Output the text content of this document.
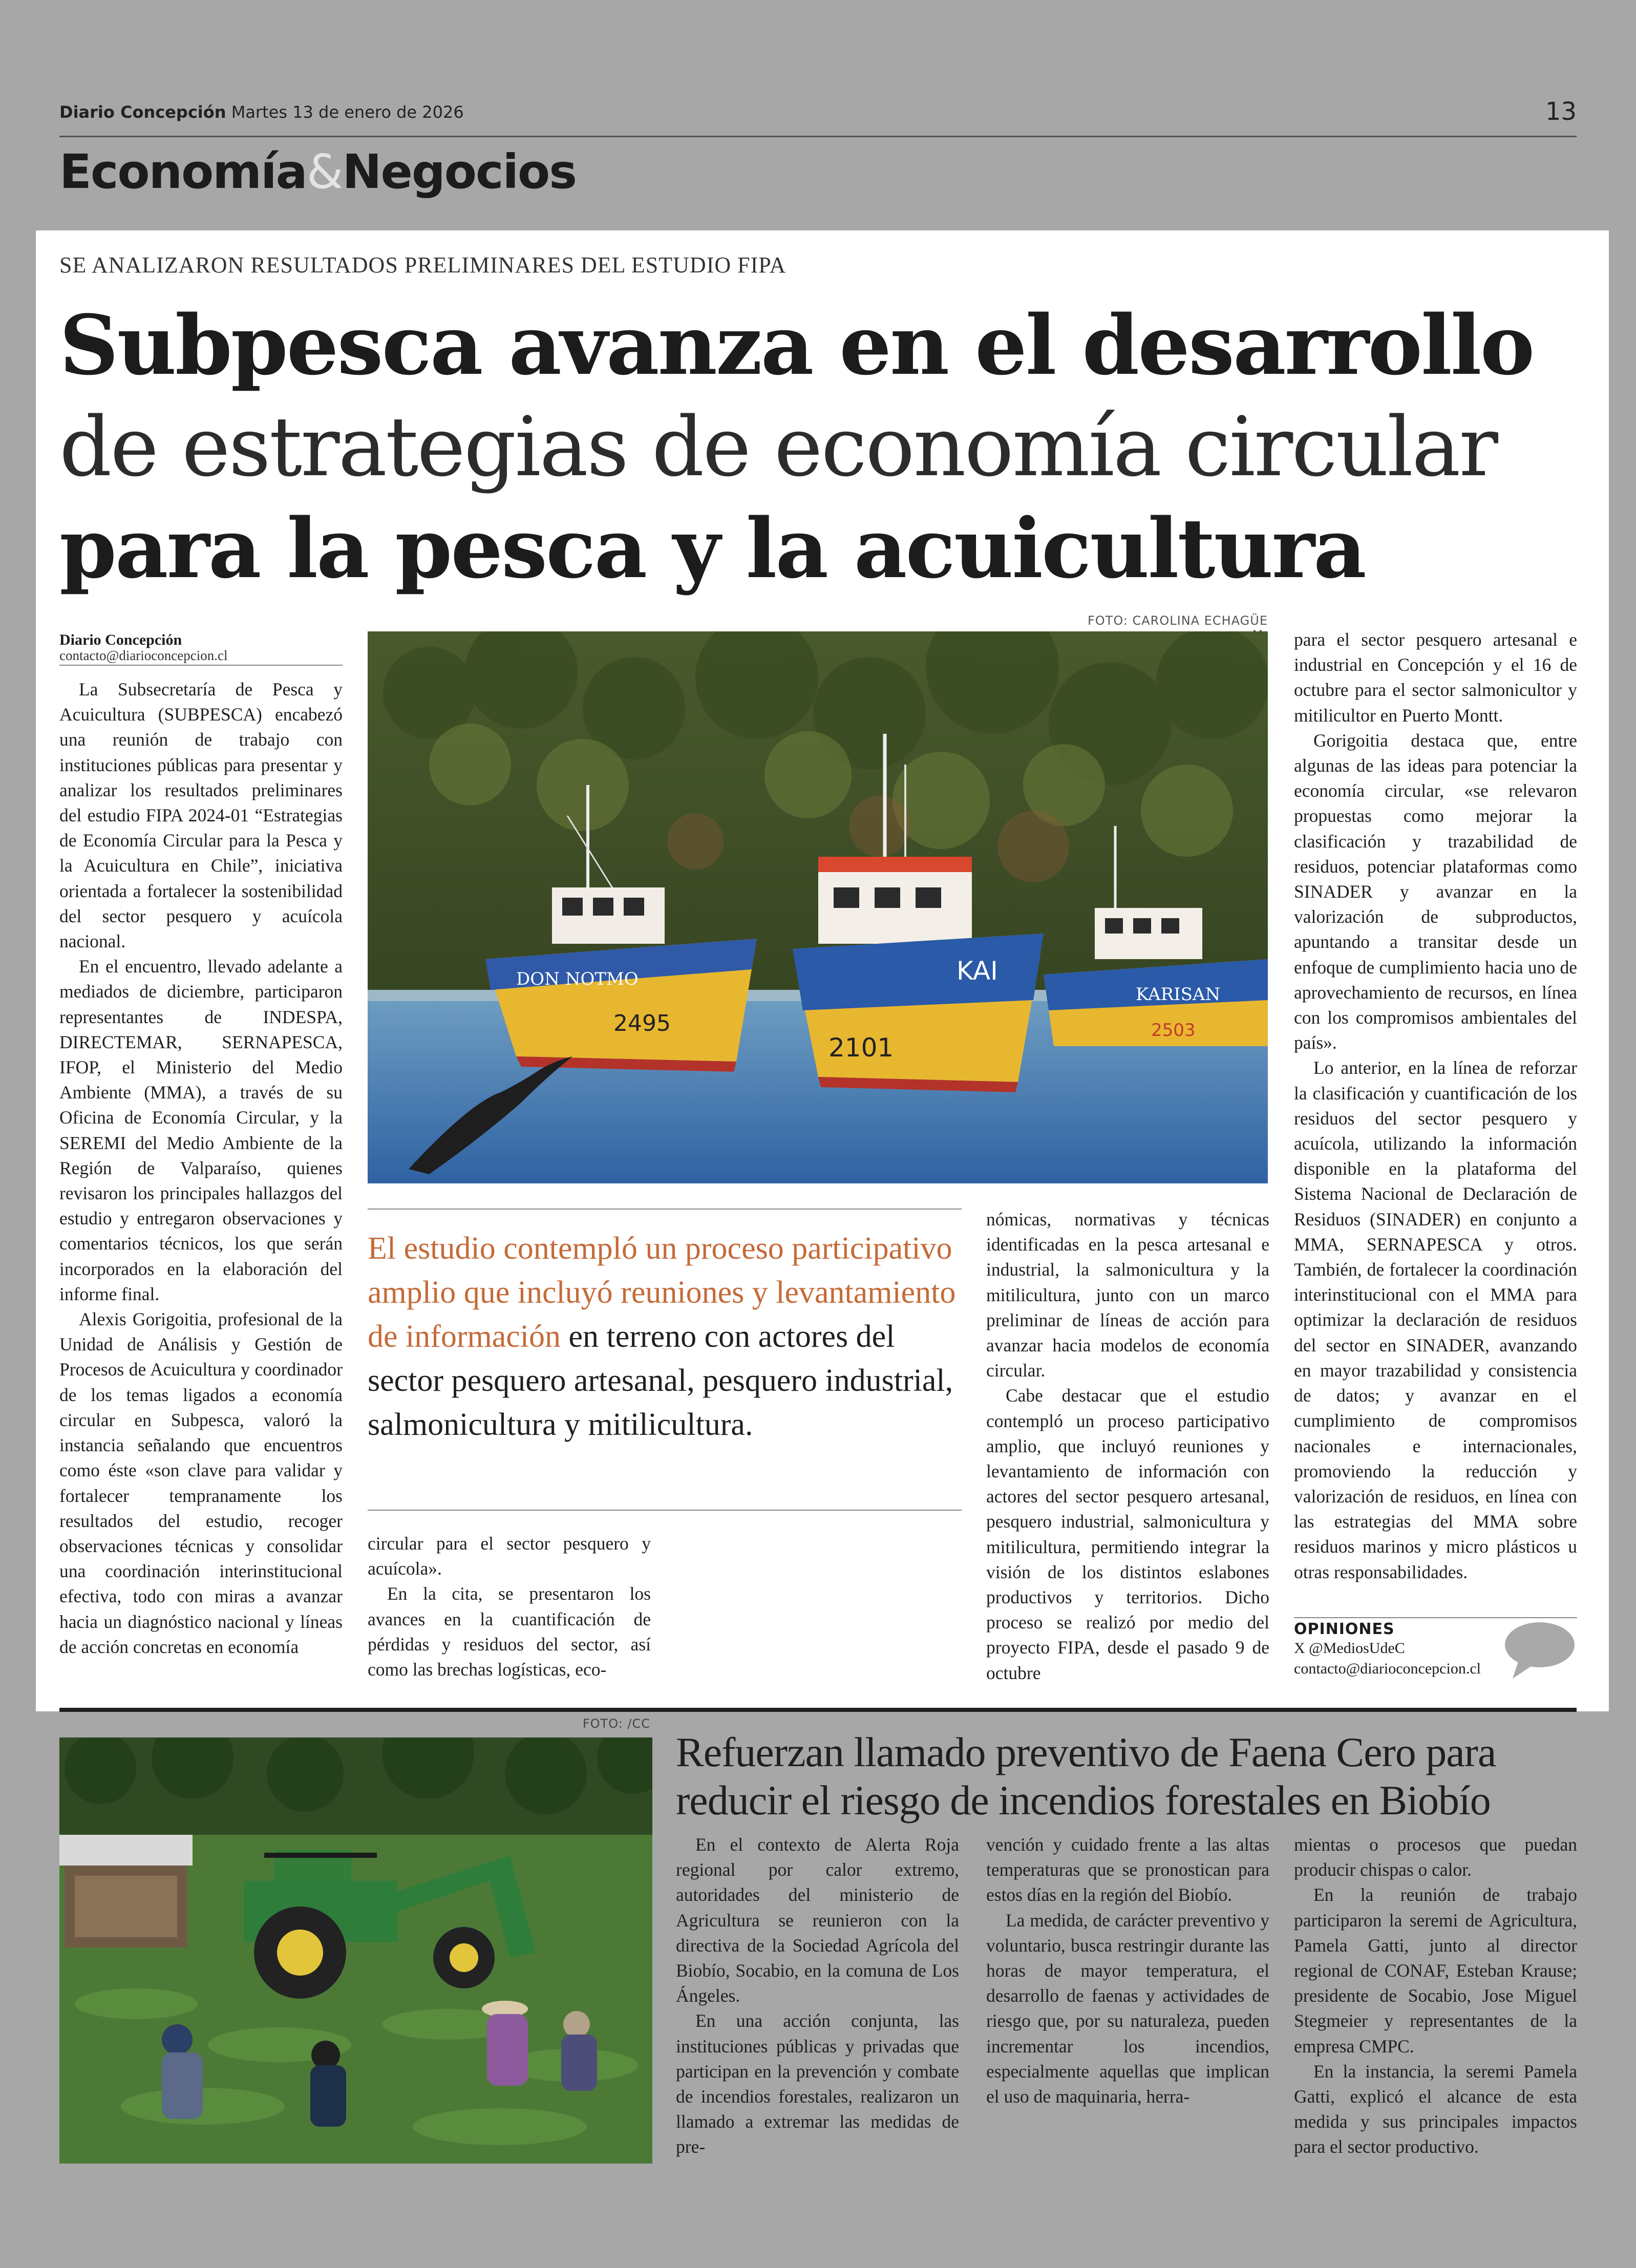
Diario Concepción Martes 13 de enero de 2026	13
Economía&Negocios
SE ANALIZARON RESULTADOS PRELIMINARES DEL ESTUDIO FIPA
Subpesca avanza en el desarrollo de estrategias de economía circular para la pesca y la acuicultura
Diario Concepción
contacto@diarioconcepcion.cl

La Subsecretaría de Pesca y Acuicultura (SUBPESCA) encabezó una reunión de trabajo con instituciones públicas para presentar y analizar los resultados preliminares del estudio FIPA 2024-01 “Estrategias de Economía Circular para la Pesca y la Acuicultura en Chile”, iniciativa orientada a fortalecer la sostenibilidad del sector pesquero y acuícola nacional.

En el encuentro, llevado adelante a mediados de diciembre, participaron representantes de INDESPA, DIRECTEMAR, SERNAPESCA, IFOP, el Ministerio del Medio Ambiente (MMA), a través de su Oficina de Economía Circular, y la SEREMI del Medio Ambiente de la Región de Valparaíso, quienes revisaron los principales hallazgos del estudio y entregaron observaciones y comentarios técnicos, los que serán incorporados en la elaboración del informe final.

Alexis Gorigoitia, profesional de la Unidad de Análisis y Gestión de Procesos de Acuicultura y coordinador de los temas ligados a economía circular en Subpesca, valoró la instancia señalando que encuentros como éste «son clave para validar y fortalecer tempranamente los resultados del estudio, recoger observaciones técnicas y consolidar una coordinación interinstitucional efectiva, todo con miras a avanzar hacia un diagnóstico nacional y líneas de acción concretas en economía

FOTO: CAROLINA ECHAGÜE
DON NOTMO
2495
KAI
2101
KARISAN
2503
El estudio contempló un proceso participativo amplio que incluyó reuniones y levantamiento de información en terreno con actores del sector pesquero artesanal, pesquero industrial, salmonicultura y mitilicultura.

circular para el sector pesquero y acuícola».

En la cita, se presentaron los avances en la cuantificación de pérdidas y residuos del sector, así como las brechas logísticas, eco-

nómicas, normativas y técnicas identificadas en la pesca artesanal e industrial, la salmonicultura y la mitilicultura, junto con un marco preliminar de líneas de acción para avanzar hacia modelos de economía circular.

Cabe destacar que el estudio contempló un proceso participativo amplio, que incluyó reuniones y levantamiento de información con actores del sector pesquero artesanal, pesquero industrial, salmonicultura y mitilicultura, permitiendo integrar la visión de los distintos eslabones productivos y territorios. Dicho proceso se realizó por medio del proyecto FIPA, desde el pasado 9 de octubre

para el sector pesquero artesanal e industrial en Concepción y el 16 de octubre para el sector salmonicultor y mitilicultor en Puerto Montt.

Gorigoitia destaca que, entre algunas de las ideas para potenciar la economía circular, «se relevaron propuestas como mejorar la clasificación y trazabilidad de residuos, potenciar plataformas como SINADER y avanzar en la valorización de subproductos, apuntando a transitar desde un enfoque de cumplimiento hacia uno de aprovechamiento de recursos, en línea con los compromisos ambientales del país».

Lo anterior, en la línea de reforzar la clasificación y cuantificación de los residuos del sector pesquero y acuícola, utilizando la información disponible en la plataforma del Sistema Nacional de Declaración de Residuos (SINADER) en conjunto a MMA, SERNAPESCA y otros. También, de fortalecer la coordinación interinstitucional con el MMA para optimizar la declaración de residuos del sector en SINADER, avanzando en mayor trazabilidad y consistencia de datos; y avanzar en el cumplimiento de compromisos nacionales e internacionales, promoviendo la reducción y valorización de residuos, en línea con las estrategias del MMA sobre residuos marinos y micro plásticos u otras responsabilidades.

OPINIONES
X @MediosUdeC
contacto@diarioconcepcion.cl
FOTO: /CC
Refuerzan llamado preventivo de Faena Cero para reducir el riesgo de incendios forestales en Biobío

En el contexto de Alerta Roja regional por calor extremo, autoridades del ministerio de Agricultura se reunieron con la directiva de la Sociedad Agrícola del Biobío, Socabio, en la comuna de Los Ángeles.

En una acción conjunta, las instituciones públicas y privadas que participan en la prevención y combate de incendios forestales, realizaron un llamado a extremar las medidas de pre-

vención y cuidado frente a las altas temperaturas que se pronostican para estos días en la región del Biobío.

La medida, de carácter preventivo y voluntario, busca restringir durante las horas de mayor temperatura, el desarrollo de faenas y actividades de riesgo que, por su naturaleza, pueden incrementar los incendios, especialmente aquellas que implican el uso de maquinaria, herra-

mientas o procesos que puedan producir chispas o calor.

En la reunión de trabajo participaron la seremi de Agricultura, Pamela Gatti, junto al director regional de CONAF, Esteban Krause; presidente de Socabio, Jose Miguel Stegmeier y representantes de la empresa CMPC.

En la instancia, la seremi Pamela Gatti, explicó el alcance de esta medida y sus principales impactos para el sector productivo.
